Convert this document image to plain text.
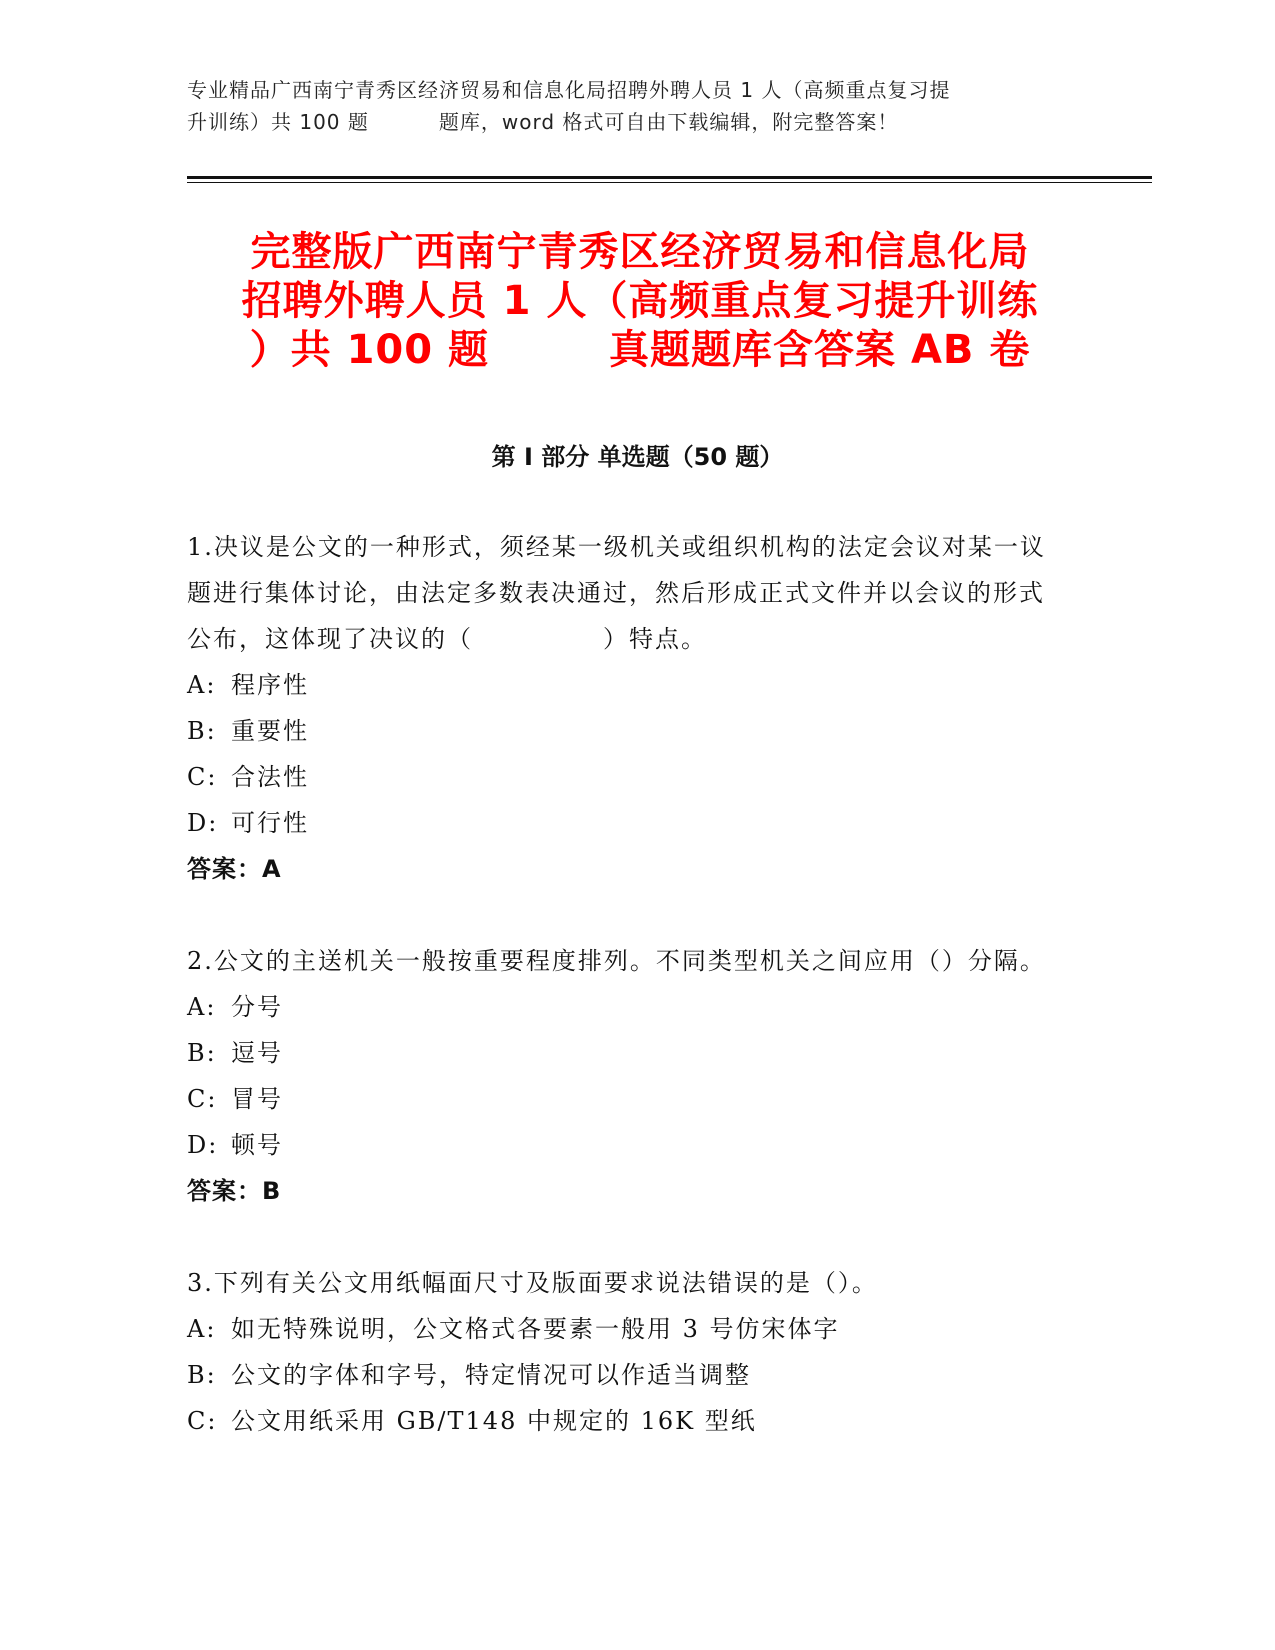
专业精品广西南宁青秀区经济贸易和信息化局招聘外聘人员 1 人（高频重点复习提
升训练）共 100 题	题库，word 格式可自由下载编辑，附完整答案！
完整版广西南宁青秀区经济贸易和信息化局
招聘外聘人员 1 人（高频重点复习提升训练
）共 100 题	真题题库含答案 AB 卷
第 I 部分 单选题（50 题）
1.决议是公文的一种形式，须经某一级机关或组织机构的法定会议对某一议题进行集体讨论，由法定多数表决通过，然后形成正式文件并以会议的形式公布，这体现了决议的（	）特点。
A: 程序性
B: 重要性
C: 合法性
D: 可行性
答案：A
2.公文的主送机关一般按重要程度排列。不同类型机关之间应用（）分隔。
A: 分号
B: 逗号
C: 冒号
D: 顿号
答案：B
3.下列有关公文用纸幅面尺寸及版面要求说法错误的是（）。
A: 如无特殊说明，公文格式各要素一般用 3 号仿宋体字
B: 公文的字体和字号，特定情况可以作适当调整
C: 公文用纸采用 GB/T148 中规定的 16K 型纸
